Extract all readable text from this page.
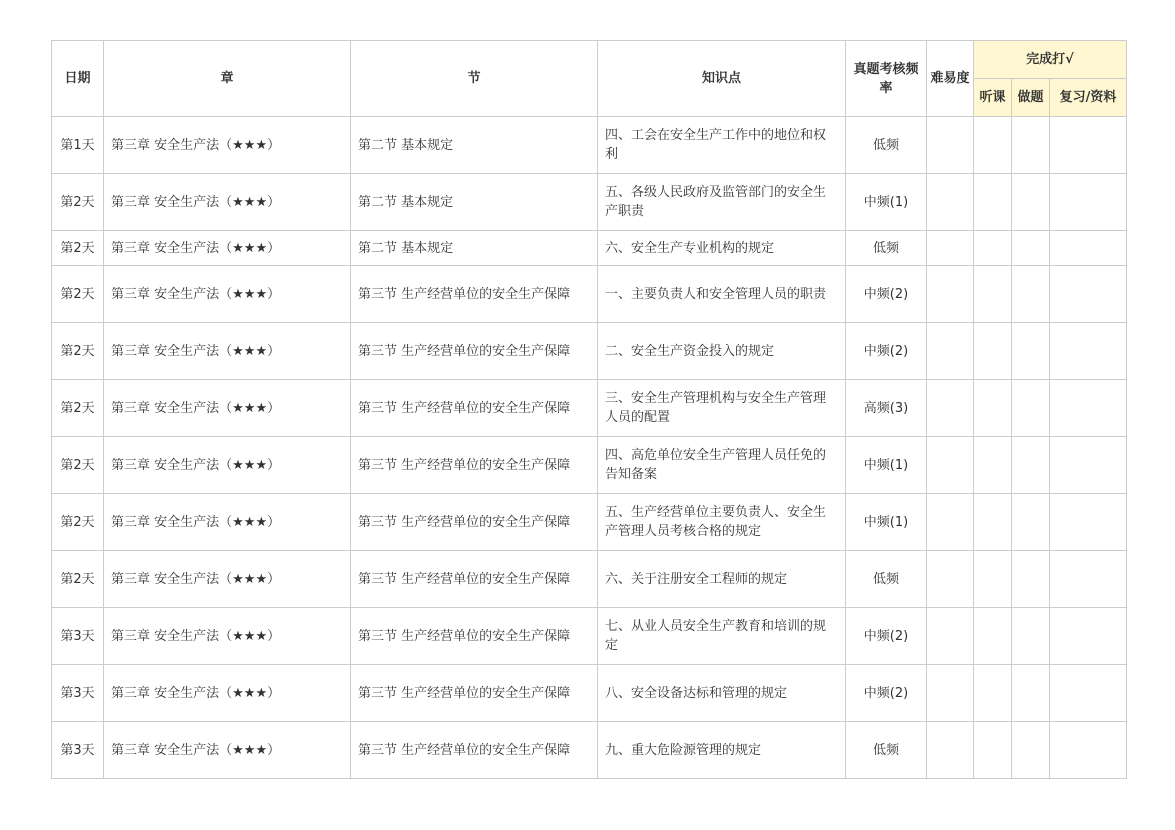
日期	章	节	知识点	真题考核频率	难易度	完成打√		
						听课	做题	复习/资料
第1天	第三章 安全生产法（★★★）	第二节 基本规定	四、工会在安全生产工作中的地位和权利	低频				
第2天	第三章 安全生产法（★★★）	第二节 基本规定	五、各级人民政府及监管部门的安全生产职责	中频(1)				
第2天	第三章 安全生产法（★★★）	第二节 基本规定	六、安全生产专业机构的规定	低频				
第2天	第三章 安全生产法（★★★）	第三节 生产经营单位的安全生产保障	一、主要负责人和安全管理人员的职责	中频(2)				
第2天	第三章 安全生产法（★★★）	第三节 生产经营单位的安全生产保障	二、安全生产资金投入的规定	中频(2)				
第2天	第三章 安全生产法（★★★）	第三节 生产经营单位的安全生产保障	三、安全生产管理机构与安全生产管理人员的配置	高频(3)				
第2天	第三章 安全生产法（★★★）	第三节 生产经营单位的安全生产保障	四、高危单位安全生产管理人员任免的告知备案	中频(1)				
第2天	第三章 安全生产法（★★★）	第三节 生产经营单位的安全生产保障	五、生产经营单位主要负责人、安全生产管理人员考核合格的规定	中频(1)				
第2天	第三章 安全生产法（★★★）	第三节 生产经营单位的安全生产保障	六、关于注册安全工程师的规定	低频				
第3天	第三章 安全生产法（★★★）	第三节 生产经营单位的安全生产保障	七、从业人员安全生产教育和培训的规定	中频(2)				
第3天	第三章 安全生产法（★★★）	第三节 生产经营单位的安全生产保障	八、安全设备达标和管理的规定	中频(2)				
第3天	第三章 安全生产法（★★★）	第三节 生产经营单位的安全生产保障	九、重大危险源管理的规定	低频				
